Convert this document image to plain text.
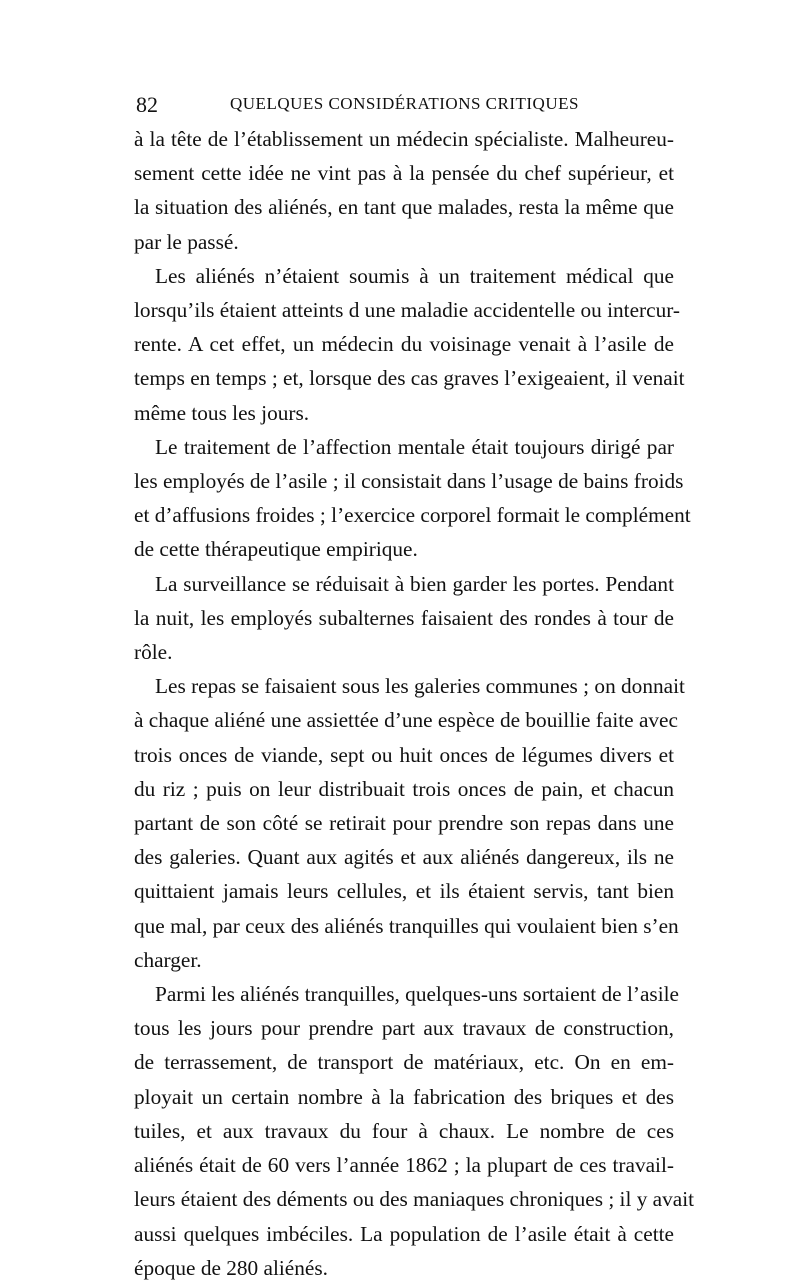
82	QUELQUES CONSIDÉRATIONS CRITIQUES

à la tête de l’établissement un médecin spécialiste. Malheureu-
sement cette idée ne vint pas à la pensée du chef supérieur, et
la situation des aliénés, en tant que malades, resta la même que
par le passé.

Les aliénés n’étaient soumis à un traitement médical que
lorsqu’ils étaient atteints d une maladie accidentelle ou intercur-
rente. A cet effet, un médecin du voisinage venait à l’asile de
temps en temps ; et, lorsque des cas graves l’exigeaient, il venait
même tous les jours.

Le traitement de l’affection mentale était toujours dirigé par
les employés de l’asile ; il consistait dans l’usage de bains froids
et d’affusions froides ; l’exercice corporel formait le complément
de cette thérapeutique empirique.

La surveillance se réduisait à bien garder les portes. Pendant
la nuit, les employés subalternes faisaient des rondes à tour de
rôle.

Les repas se faisaient sous les galeries communes ; on donnait
à chaque aliéné une assiettée d’une espèce de bouillie faite avec
trois onces de viande, sept ou huit onces de légumes divers et
du riz ; puis on leur distribuait trois onces de pain, et chacun
partant de son côté se retirait pour prendre son repas dans une
des galeries. Quant aux agités et aux aliénés dangereux, ils ne
quittaient jamais leurs cellules, et ils étaient servis, tant bien
que mal, par ceux des aliénés tranquilles qui voulaient bien s’en
charger.

Parmi les aliénés tranquilles, quelques-uns sortaient de l’asile
tous les jours pour prendre part aux travaux de construction,
de terrassement, de transport de matériaux, etc. On en em-
ployait un certain nombre à la fabrication des briques et des
tuiles, et aux travaux du four à chaux. Le nombre de ces
aliénés était de 60 vers l’année 1862 ; la plupart de ces travail-
leurs étaient des déments ou des maniaques chroniques ; il y avait
aussi quelques imbéciles. La population de l’asile était à cette
époque de 280 aliénés.
